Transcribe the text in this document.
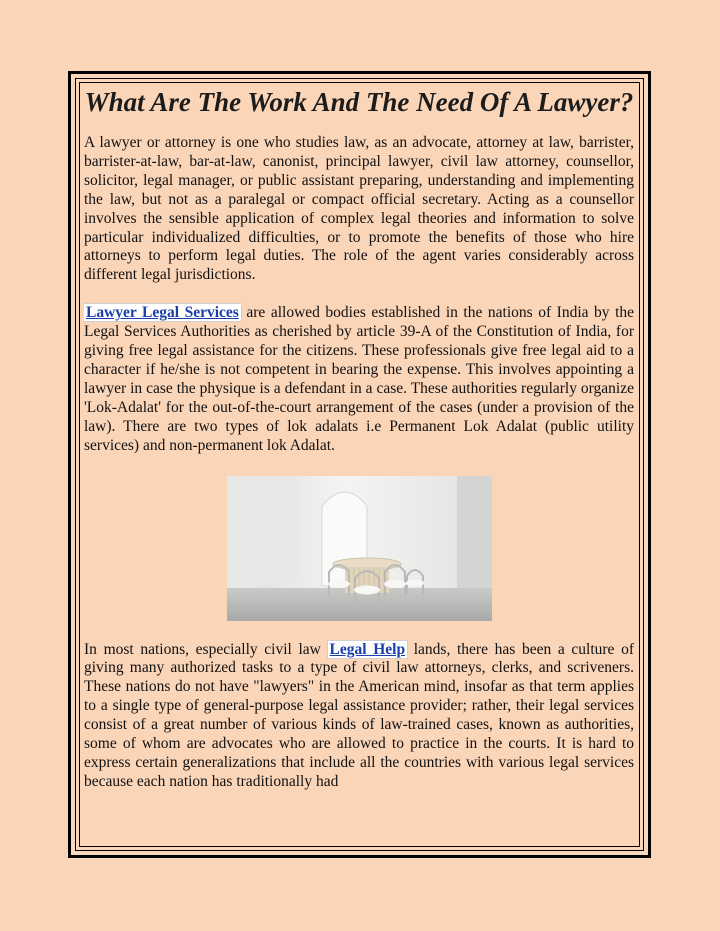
What Are The Work And The Need Of A Lawyer?

A lawyer or attorney is one who studies law, as an advocate, attorney at law, barrister, barrister-at-law, bar-at-law, canonist, principal lawyer, civil law attorney, counsellor, solicitor, legal manager, or public assistant preparing, understanding and implementing the law, but not as a paralegal or compact official secretary. Acting as a counsellor involves the sensible application of complex legal theories and information to solve particular individualized difficulties, or to promote the benefits of those who hire attorneys to perform legal duties. The role of the agent varies considerably across different legal jurisdictions.

Lawyer Legal Services are allowed bodies established in the nations of India by the Legal Services Authorities as cherished by article 39-A of the Constitution of India, for giving free legal assistance for the citizens. These professionals give free legal aid to a character if he/she is not competent in bearing the expense. This involves appointing a lawyer in case the physique is a defendant in a case. These authorities regularly organize 'Lok-Adalat' for the out-of-the-court arrangement of the cases (under a provision of the law). There are two types of lok adalats i.e Permanent Lok Adalat (public utility services) and non-permanent lok Adalat.

In most nations, especially civil law Legal Help lands, there has been a culture of giving many authorized tasks to a type of civil law attorneys, clerks, and scriveners. These nations do not have "lawyers" in the American mind, insofar as that term applies to a single type of general-purpose legal assistance provider; rather, their legal services consist of a great number of various kinds of law-trained cases, known as authorities, some of whom are advocates who are allowed to practice in the courts. It is hard to express certain generalizations that include all the countries with various legal services because each nation has traditionally had
